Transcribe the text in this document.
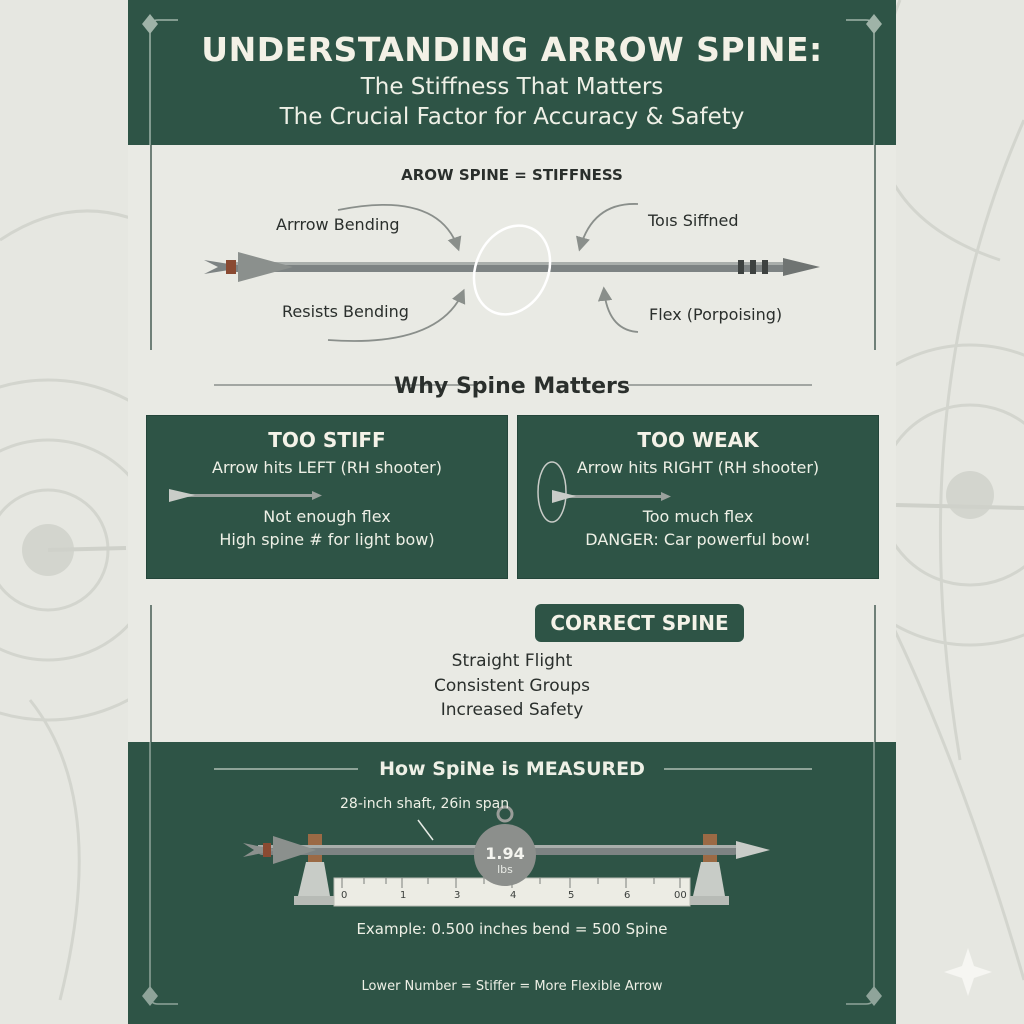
UNDERSTANDING ARROW SPINE:
The Stiffness That Matters
The Crucial Factor for Accuracy & Safety
AROW SPINE = STIFFNESS
Arrrow Bending	Toıs Siffned
Resists Bending	Flex (Porpoising)
Why Spine Matters
TOO STIFF
Arrow hits LEFT (RH shooter)
Not enough flex
High spine # for light bow)
TOO WEAK
Arrow hits RIGHT (RH shooter)
Too much flex
DANGER: Car powerful bow!
CORRECT SPINE
Straight Flight
Consistent Groups
Increased Safety
How SpiNe is MEASURED
28-inch shaft, 26in span
1.94
lbs
0	1	3	4	5	6	00
Example: 0.500 inches bend = 500 Spine
Lower Number = Stiffer = More Flexible Arrow
